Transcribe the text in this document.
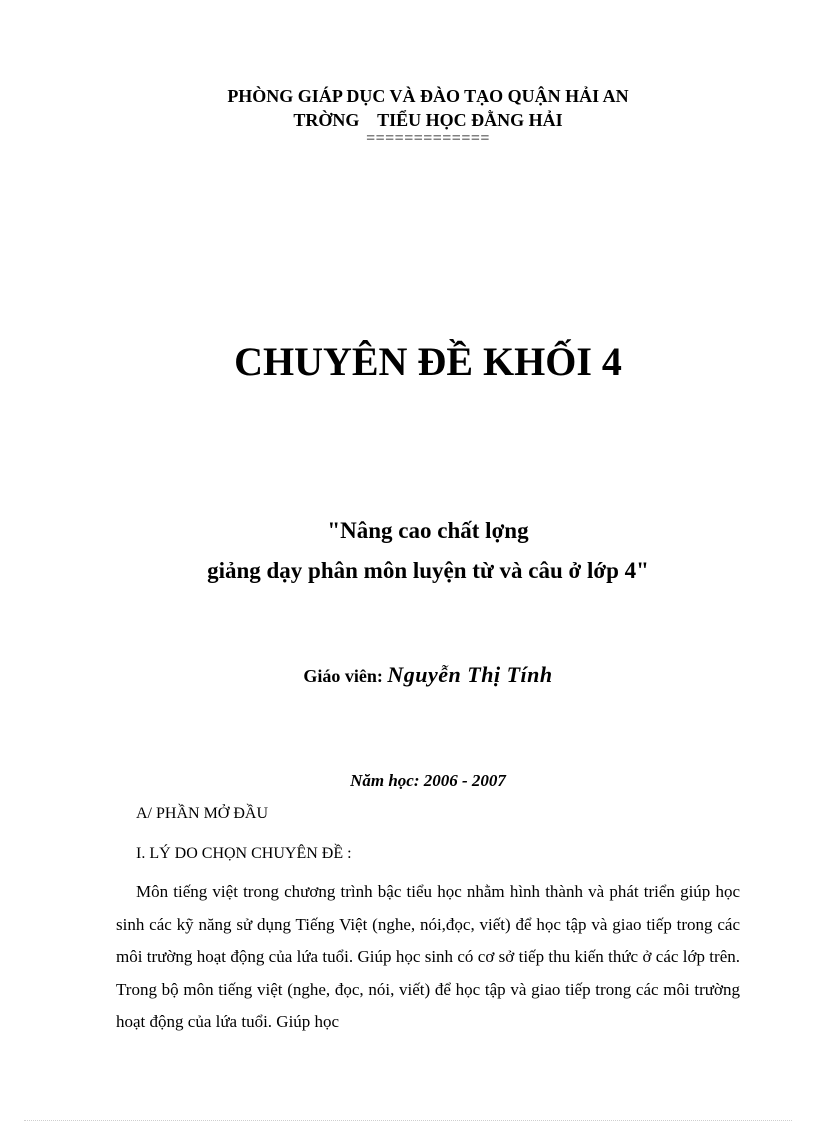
PHÒNG GIÁP DỤC VÀ ĐÀO TẠO QUẬN HẢI AN
TRỜNG    TIỂU HỌC ĐẰNG HẢI
=============
CHUYÊN ĐỀ KHỐI 4
"Nâng cao chất lợng
giảng dạy phân môn luyện từ và câu ở lớp 4"
Giáo viên: Nguyễn Thị Tính
Năm học: 2006 - 2007
A/ PHẦN MỞ ĐẦU
I. LÝ DO CHỌN CHUYÊN ĐỀ :

Môn tiếng việt trong chương trình bậc tiểu học nhằm hình thành và phát triển giúp học sinh các kỹ năng sử dụng Tiếng Việt (nghe, nói,đọc, viết) để học tập và giao tiếp trong các môi trường hoạt động của lứa tuổi. Giúp học sinh có cơ sở tiếp thu kiến thức ở các lớp trên. Trong bộ môn tiếng việt (nghe, đọc, nói, viết) để học tập và giao tiếp trong các môi trường hoạt động của lứa tuổi. Giúp học
